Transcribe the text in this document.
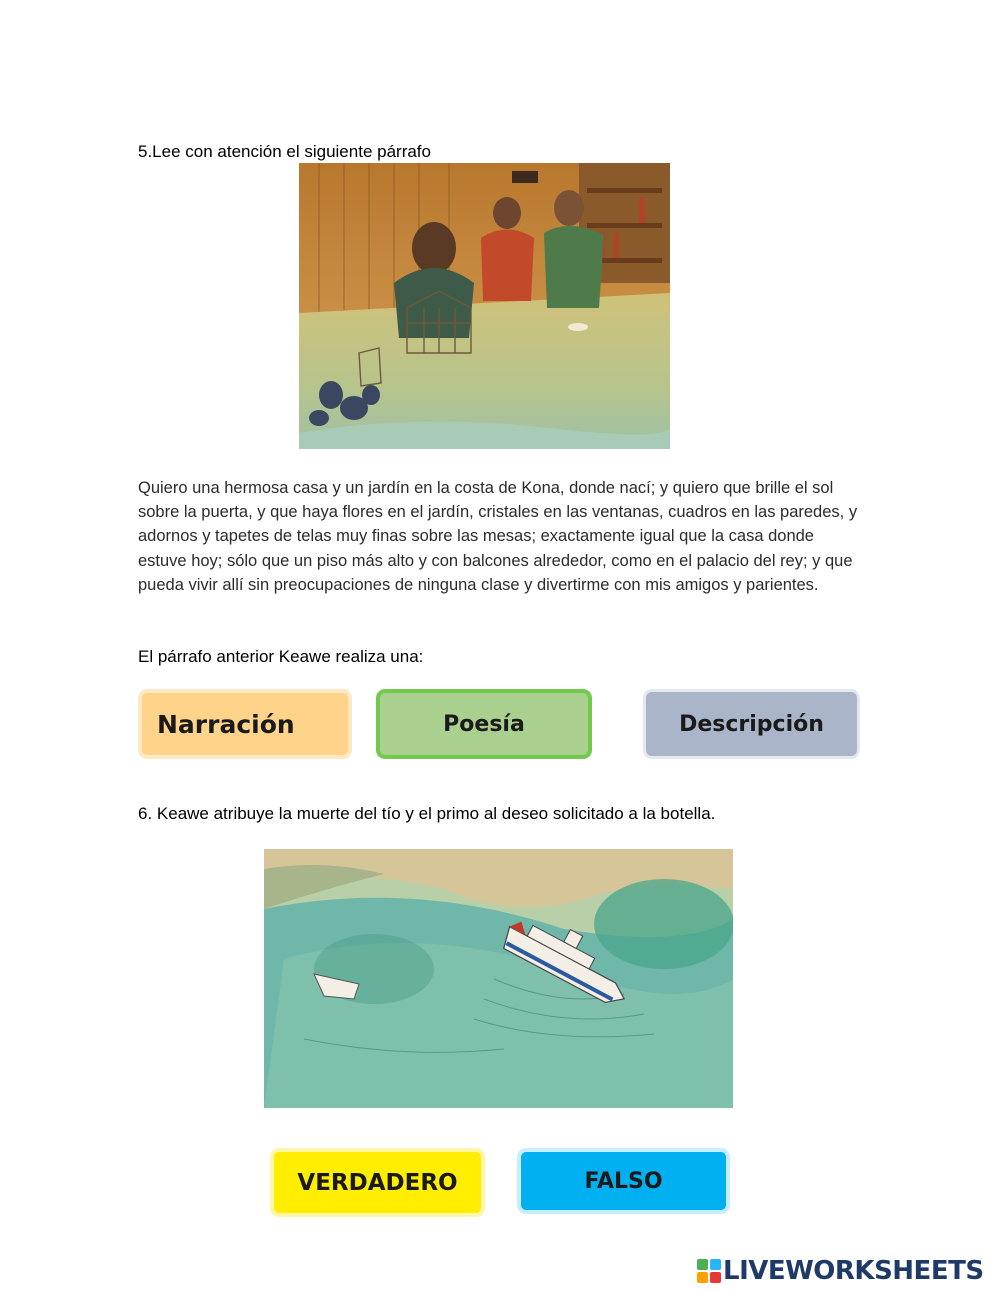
5.Lee con atención el siguiente párrafo
Quiero una hermosa casa y un jardín en la costa de Kona, donde nací; y quiero que brille el sol sobre la puerta, y que haya flores en el jardín, cristales en las ventanas, cuadros en las paredes, y adornos y tapetes de telas muy finas sobre las mesas; exactamente igual que la casa donde estuve hoy; sólo que un piso más alto y con balcones alrededor, como en el palacio del rey; y que pueda vivir allí sin preocupaciones de ninguna clase y divertirme con mis amigos y parientes.
El párrafo anterior Keawe realiza una:
Narración	Poesía	Descripción
6. Keawe atribuye la muerte del tío y el primo al deseo solicitado a la botella.
VERDADERO	FALSO
LIVEWORKSHEETS
